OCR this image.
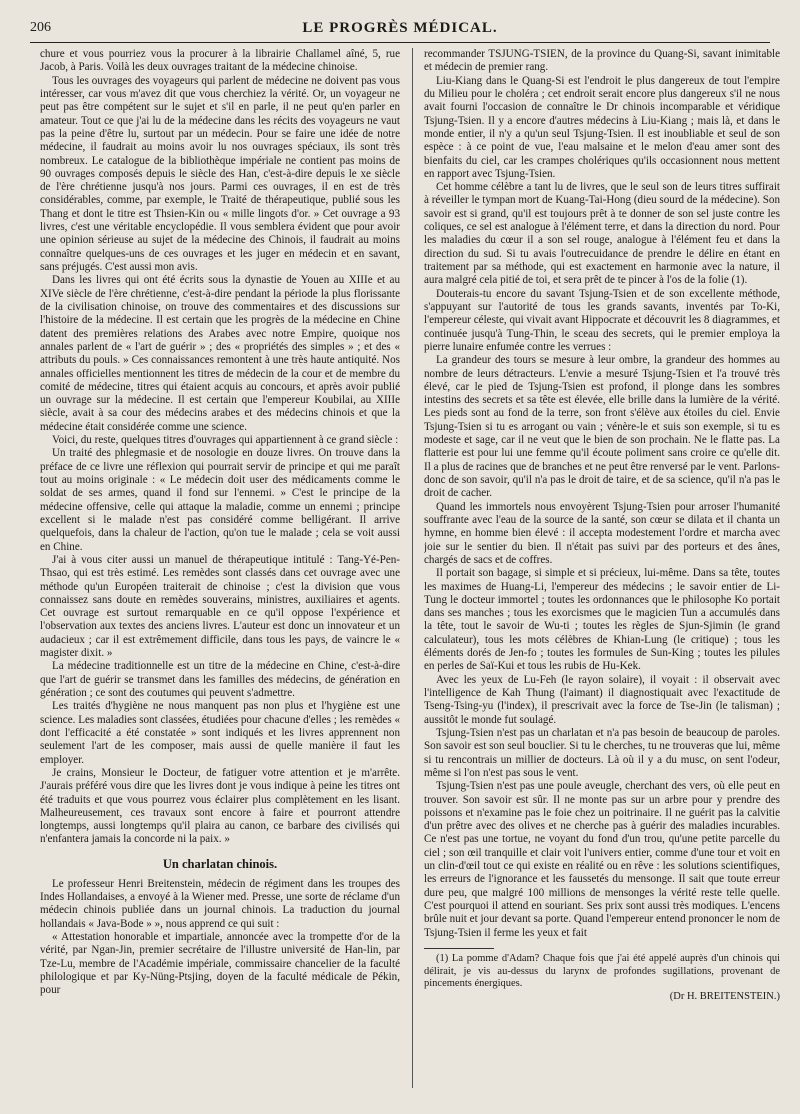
206	LE PROGRÈS MÉDICAL.

chure et vous pourriez vous la procurer à la librairie Challamel aîné, 5, rue Jacob, à Paris. Voilà les deux ouvrages traitant de la médecine chinoise.

Tous les ouvrages des voyageurs qui parlent de médecine ne doivent pas vous intéresser, car vous m'avez dit que vous cherchiez la vérité. Or, un voyageur ne peut pas être compétent sur le sujet et s'il en parle, il ne peut qu'en parler en amateur. Tout ce que j'ai lu de la médecine dans les récits des voyageurs ne vaut pas la peine d'être lu, surtout par un médecin. Pour se faire une idée de notre médecine, il faudrait au moins avoir lu nos ouvrages spéciaux, ils sont très nombreux. Le catalogue de la bibliothèque impériale ne contient pas moins de 90 ouvrages composés depuis le siècle des Han, c'est-à-dire depuis le xe siècle de l'ère chrétienne jusqu'à nos jours. Parmi ces ouvrages, il en est de très considérables, comme, par exemple, le Traité de thérapeutique, publié sous les Thang et dont le titre est Thsien-Kin ou « mille lingots d'or. » Cet ouvrage a 93 livres, c'est une véritable encyclopédie. Il vous semblera évident que pour avoir une opinion sérieuse au sujet de la médecine des Chinois, il faudrait au moins connaître quelques-uns de ces ouvrages et les juger en médecin et en savant, sans préjugés. C'est aussi mon avis.

Dans les livres qui ont été écrits sous la dynastie de Youen au XIIIe et au XIVe siècle de l'ère chrétienne, c'est-à-dire pendant la période la plus florissante de la civilisation chinoise, on trouve des commentaires et des discussions sur l'histoire de la médecine. Il est certain que les progrès de la médecine en Chine datent des premières relations des Arabes avec notre Empire, quoique nos annales parlent de « l'art de guérir » ; des « propriétés des simples » ; et des « attributs du pouls. » Ces connaissances remontent à une très haute antiquité. Nos annales officielles mentionnent les titres de médecin de la cour et de membre du comité de médecine, titres qui étaient acquis au concours, et après avoir publié un ouvrage sur la médecine. Il est certain que l'empereur Koubilai, au XIIIe siècle, avait à sa cour des médecins arabes et des médecins chinois et que la médecine était considérée comme une science.

Voici, du reste, quelques titres d'ouvrages qui appartiennent à ce grand siècle :

Un traité des phlegmasie et de nosologie en douze livres. On trouve dans la préface de ce livre une réflexion qui pourrait servir de principe et qui me paraît tout au moins originale : « Le médecin doit user des médicaments comme le soldat de ses armes, quand il fond sur l'ennemi. » C'est le principe de la médecine offensive, celle qui attaque la maladie, comme un ennemi ; principe excellent si le malade n'est pas considéré comme belligérant. Il arrive quelquefois, dans la chaleur de l'action, qu'on tue le malade ; cela se voit aussi en Chine.

J'ai à vous citer aussi un manuel de thérapeutique intitulé : Tang-Yé-Pen-Thsao, qui est très estimé. Les remèdes sont classés dans cet ouvrage avec une méthode qu'un Européen traiterait de chinoise ; c'est la division que vous connaissez sans doute en remèdes souverains, ministres, auxiliaires et agents. Cet ouvrage est surtout remarquable en ce qu'il oppose l'expérience et l'observation aux textes des anciens livres. L'auteur est donc un innovateur et un audacieux ; car il est extrêmement difficile, dans tous les pays, de vaincre le « magister dixit. »

La médecine traditionnelle est un titre de la médecine en Chine, c'est-à-dire que l'art de guérir se transmet dans les familles des médecins, de génération en génération ; ce sont des coutumes qui peuvent s'admettre.

Les traités d'hygiène ne nous manquent pas non plus et l'hygiène est une science. Les maladies sont classées, étudiées pour chacune d'elles ; les remèdes « dont l'efficacité a été constatée » sont indiqués et les livres apprennent non seulement l'art de les composer, mais aussi de quelle manière il faut les employer.

Je crains, Monsieur le Docteur, de fatiguer votre attention et je m'arrête. J'aurais préféré vous dire que les livres dont je vous indique à peine les titres ont été traduits et que vous pourrez vous éclairer plus complètement en les lisant. Malheureusement, ces travaux sont encore à faire et pourront attendre longtemps, aussi longtemps qu'il plaira au canon, ce barbare des civilisés qui n'enfantera jamais la concorde ni la paix. »

Un charlatan chinois.

Le professeur Henri Breitenstein, médecin de régiment dans les troupes des Indes Hollandaises, a envoyé à la Wiener med. Presse, une sorte de réclame d'un médecin chinois publiée dans un journal chinois. La traduction du journal hollandais « Java-Bode » », nous apprend ce qui suit :

« Attestation honorable et impartiale, annoncée avec la trompette d'or de la vérité, par Ngan-Jin, premier secrétaire de l'illustre université de Han-lin, par Tze-Lu, membre de l'Académie impériale, commissaire chancelier de la faculté philologique et par Ky-Nüng-Ptsjing, doyen de la faculté médicale de Pékin, pour

recommander TSJUNG-TSIEN, de la province du Quang-Si, savant inimitable et médecin de premier rang.

Liu-Kiang dans le Quang-Si est l'endroit le plus dangereux de tout l'empire du Milieu pour le choléra ; cet endroit serait encore plus dangereux s'il ne nous avait fourni l'occasion de connaître le Dr chinois incomparable et véridique Tsjung-Tsien. Il y a encore d'autres médecins à Liu-Kiang ; mais là, et dans le monde entier, il n'y a qu'un seul Tsjung-Tsien. Il est inoubliable et seul de son espèce : à ce point de vue, l'eau malsaine et le melon d'eau amer sont des bienfaits du ciel, car les crampes cholériques qu'ils occasionnent nous mettent en rapport avec Tsjung-Tsien.

Cet homme célèbre a tant lu de livres, que le seul son de leurs titres suffirait à réveiller le tympan mort de Kuang-Tai-Hong (dieu sourd de la médecine). Son savoir est si grand, qu'il est toujours prêt à te donner de son sel juste contre les coliques, ce sel est analogue à l'élément terre, et dans la direction du nord. Pour les maladies du cœur il a son sel rouge, analogue à l'élément feu et dans la direction du sud. Si tu avais l'outrecuidance de prendre le délire en étant en traitement par sa méthode, qui est exactement en harmonie avec la nature, il aura malgré cela pitié de toi, et sera prêt de te pincer à l'os de la folie (1).

Douterais-tu encore du savant Tsjung-Tsien et de son excellente méthode, s'appuyant sur l'autorité de tous les grands savants, inventés par To-Ki, l'empereur céleste, qui vivait avant Hippocrate et découvrit les 8 diagrammes, et continuée jusqu'à Tung-Thin, le sceau des secrets, qui le premier employa la pierre lunaire enfumée contre les verrues :

La grandeur des tours se mesure à leur ombre, la grandeur des hommes au nombre de leurs détracteurs. L'envie a mesuré Tsjung-Tsien et l'a trouvé très élevé, car le pied de Tsjung-Tsien est profond, il plonge dans les sombres intestins des secrets et sa tête est élevée, elle brille dans la lumière de la vérité. Les pieds sont au fond de la terre, son front s'élève aux étoiles du ciel. Envie Tsjung-Tsien si tu es arrogant ou vain ; vénère-le et suis son exemple, si tu es modeste et sage, car il ne veut que le bien de son prochain. Ne le flatte pas. La flatterie est pour lui une femme qu'il écoute poliment sans croire ce qu'elle dit. Il a plus de racines que de branches et ne peut être renversé par le vent. Parlons-donc de son savoir, qu'il n'a pas le droit de taire, et de sa science, qu'il n'a pas le droit de cacher.

Quand les immortels nous envoyèrent Tsjung-Tsien pour arroser l'humanité souffrante avec l'eau de la source de la santé, son cœur se dilata et il chanta un hymne, en homme bien élevé : il accepta modestement l'ordre et marcha avec joie sur le sentier du bien. Il n'était pas suivi par des porteurs et des ânes, chargés de sacs et de coffres.

Il portait son bagage, si simple et si précieux, lui-même. Dans sa tête, toutes les maximes de Huang-Li, l'empereur des médecins ; le savoir entier de Li-Tung le docteur immortel ; toutes les ordonnances que le philosophe Ko portait dans ses manches ; tous les exorcismes que le magicien Tun a accumulés dans la tête, tout le savoir de Wu-ti ; toutes les règles de Sjun-Sjimin (le grand calculateur), tous les mots célèbres de Khian-Lung (le critique) ; tous les éléments dorés de Jen-fo ; toutes les formules de Sun-King ; toutes les pilules en perles de Saï-Kui et tous les rubis de Hu-Kek.

Avec les yeux de Lu-Feh (le rayon solaire), il voyait : il observait avec l'intelligence de Kah Thung (l'aimant) il diagnostiquait avec l'exactitude de Tseng-Tsing-yu (l'index), il prescrivait avec la force de Tse-Jin (le talisman) ; aussitôt le monde fut soulagé.

Tsjung-Tsien n'est pas un charlatan et n'a pas besoin de beaucoup de paroles. Son savoir est son seul bouclier. Si tu le cherches, tu ne trouveras que lui, même si tu rencontrais un millier de docteurs. Là où il y a du musc, on sent l'odeur, même si l'on n'est pas sous le vent.

Tsjung-Tsien n'est pas une poule aveugle, cherchant des vers, où elle peut en trouver. Son savoir est sûr. Il ne monte pas sur un arbre pour y prendre des poissons et n'examine pas le foie chez un poitrinaire. Il ne guérit pas la calvitie d'un prêtre avec des olives et ne cherche pas à guérir des maladies incurables. Ce n'est pas une tortue, ne voyant du fond d'un trou, qu'une petite parcelle du ciel ; son œil tranquille et clair voit l'univers entier, comme d'une tour et voit en un clin-d'œil tout ce qui existe en réalité ou en rêve : les solutions scientifiques, les erreurs de l'ignorance et les faussetés du mensonge. Il sait que toute erreur dure peu, que malgré 100 millions de mensonges la vérité reste telle quelle. C'est pourquoi il attend en souriant. Ses prix sont aussi très modiques. L'encens brûle nuit et jour devant sa porte. Quand l'empereur entend prononcer le nom de Tsjung-Tsien il ferme les yeux et fait

(1) La pomme d'Adam? Chaque fois que j'ai été appelé auprès d'un chinois qui délirait, je vis au-dessus du larynx de profondes sugillations, provenant de pincements énergiques.

(Dr H. BREITENSTEIN.)
